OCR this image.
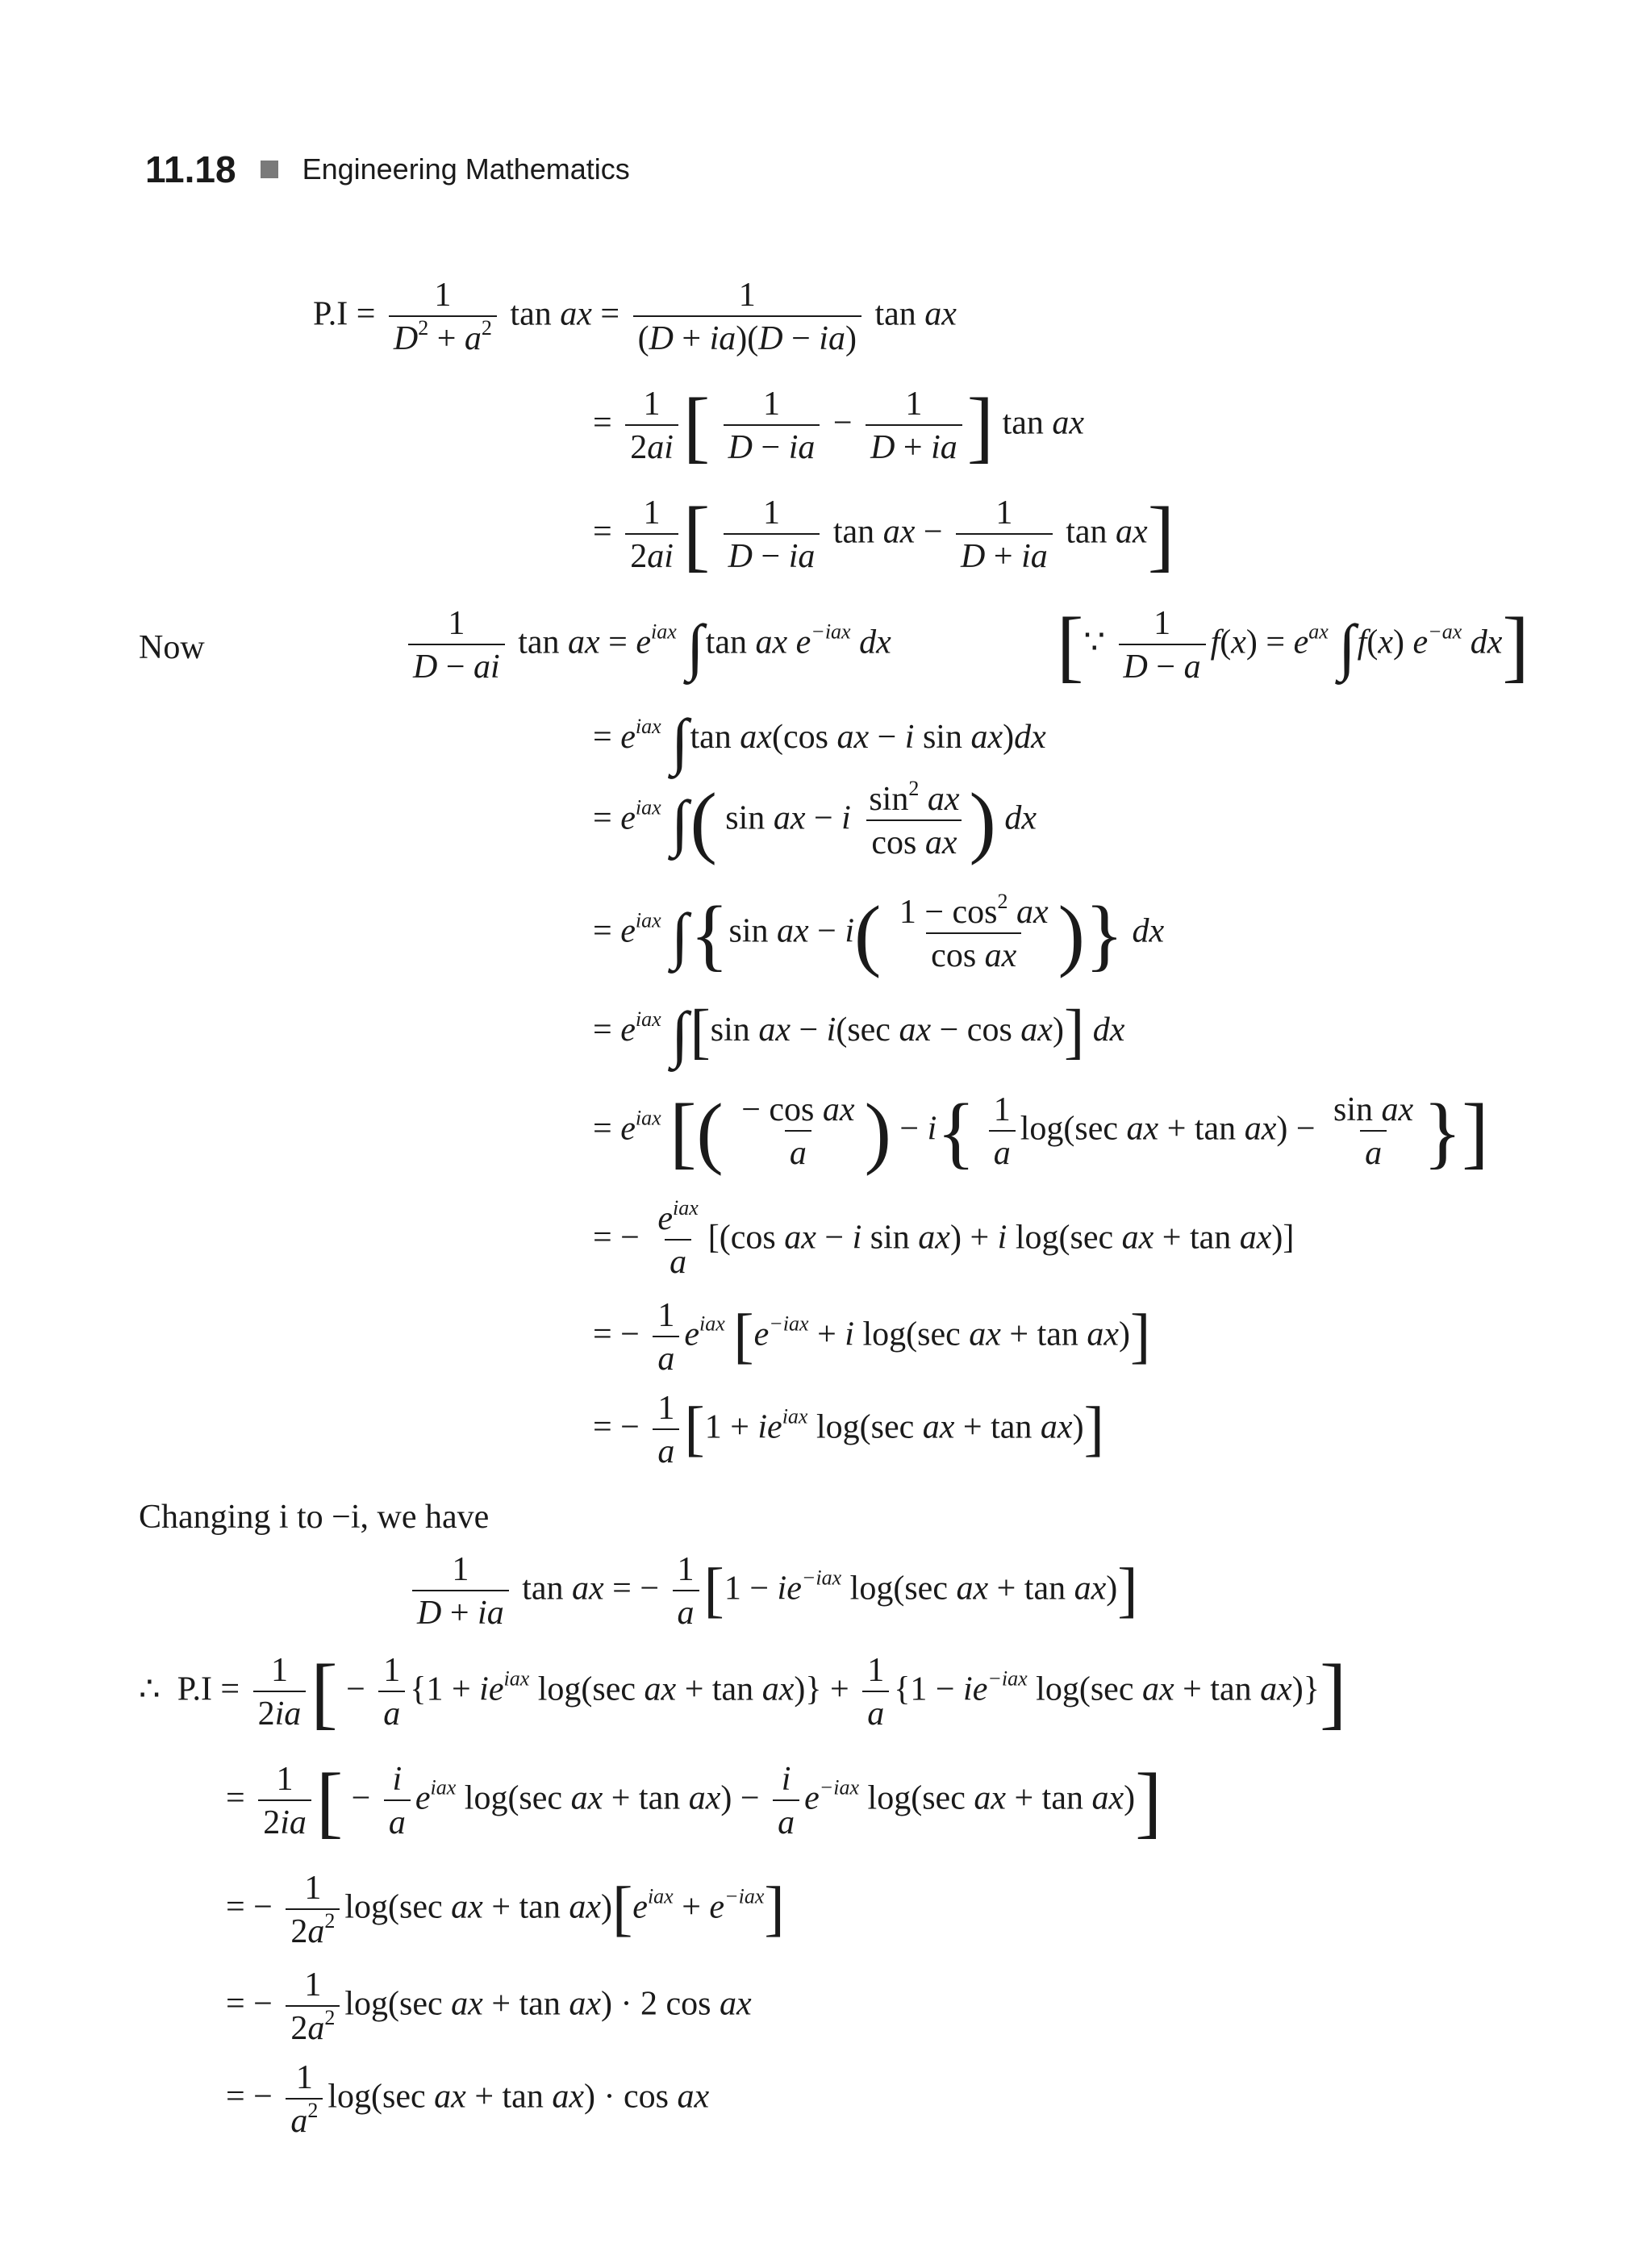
11.18 Engineering Mathematics
$P.I = \frac{1}{D^2 + a^2}$ tan ax = $\frac{1}{(D + ia)(D - ia)}$ tan ax
= $\frac{1}{2ai}$ [ $\frac{1}{D - ia} - \frac{1}{D + ia}$ ] tan ax
= $\frac{1}{2ai}$ [ $\frac{1}{D - ia}$ tan ax − $\frac{1}{D + ia}$ tan ax]
Now	$\frac{1}{D - ai}$ tan ax = $e^{iax}$ ∫tan ax $e^{-iax}$ dx [∵ $\frac{1}{D - a} f(x) = e^{ax}$ ∫f(x) $e^{-ax}$ dx]
= $e^{iax}$ ∫tan ax(cos ax − i sin ax)dx
= $e^{iax}$ ∫( sin ax − i $\frac{\sin^2 ax}{\text{cos ax}}$ ) dx
= $e^{iax}$ ∫{sin ax − $i( \frac{1 - \cos^2 ax}{\text{cos ax}}$ )} dx
= $e^{iax}$ ∫[sin ax − i(sec ax − cos ax)] dx
= $e^{iax}$ [( $\frac{\text{− cos ax}}{a}$ ) − $i\{ \frac{1}{a} \log(\sec$ ax + $\tan ax) - \frac{\text{sin ax}}{a}$ }]
= − $\frac{e^{iax}}{a} [(\cos$ ax − i sin ax) + i log(sec ax + tan ax)]
= − $\frac{1}{a} e^{iax}$ [$e^{-iax} + i$ log(sec ax + tan ax)]
= − $\frac{1}{a} [1 + ie^{iax}$ log(sec ax + tan ax)]
Changing i to −i, we have
$\frac{1}{D + ia}$ tan ax = − $\frac{1}{a} [1 - ie^{-iax}$ log(sec ax + tan ax)]
∴  $P.I = \frac{1}{2ia}$ [ − $\frac{1}{a} \{1 + ie^{iax}$ log(sec ax + $\tan ax)\} + \frac{1}{a} \{1 - ie^{-iax}$ log(sec ax + tan ax)}]
= $\frac{1}{2ia}$ [ − $\frac{i}{a} e^{iax}$ log(sec ax + $\tan ax) - \frac{i}{a} e^{-iax}$ log(sec ax + tan ax)]
= − $\frac{1}{2a^2} \log(\sec$ ax + $\tan ax)[e^{iax} + e^{-iax}]$
= − $\frac{1}{2a^2} \log(\sec$ ax + tan ax) · 2 cos ax
= − $\frac{1}{a^2} \log(\sec$ ax + tan ax) · cos ax
